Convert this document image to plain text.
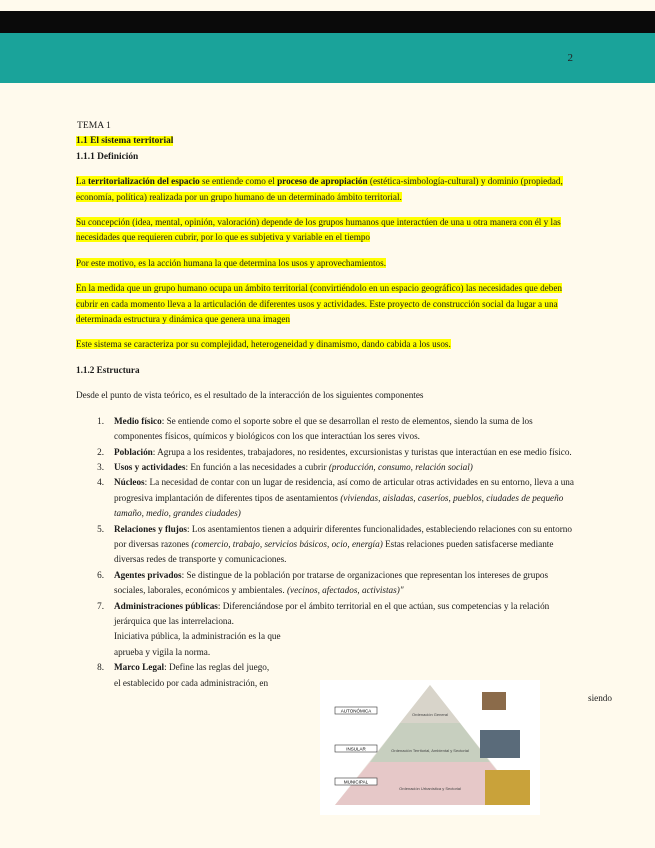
2
TEMA 1
1.1 El sistema territorial
1.1.1 Definición
La territorialización del espacio se entiende como el proceso de apropiación (estética-simbología-cultural) y dominio (propiedad, economía, política) realizada por un grupo humano de un determinado ámbito territorial.
Su concepción (idea, mental, opinión, valoración) depende de los grupos humanos que interactúen de una u otra manera con él y las necesidades que requieren cubrir, por lo que es subjetiva y variable en el tiempo
Por este motivo, es la acción humana la que determina los usos y aprovechamientos.
En la medida que un grupo humano ocupa un ámbito territorial (convirtiéndolo en un espacio geográfico) las necesidades que deben cubrir en cada momento lleva a la articulación de diferentes usos y actividades. Este proyecto de construcción social da lugar a una determinada estructura y dinámica que genera una imagen
Este sistema se caracteriza por su complejidad, heterogeneidad y dinamismo, dando cabida a los usos.
1.1.2 Estructura
Desde el punto de vista teórico, es el resultado de la interacción de los siguientes componentes
1.	Medio físico: Se entiende como el soporte sobre el que se desarrollan el resto de elementos, siendo la suma de los componentes físicos, químicos y biológicos con los que interactúan los seres vivos.
2.	Población: Agrupa a los residentes, trabajadores, no residentes, excursionistas y turistas que interactúan en ese medio físico.
3.	Usos y actividades: En función a las necesidades a cubrir (producción, consumo, relación social)
4.	Núcleos: La necesidad de contar con un lugar de residencia, así como de articular otras actividades en su entorno, lleva a una progresiva implantación de diferentes tipos de asentamientos (viviendas, aisladas, caseríos, pueblos, ciudades de pequeño tamaño, medio, grandes ciudades)
5.	Relaciones y flujos: Los asentamientos tienen a adquirir diferentes funcionalidades, estableciendo relaciones con su entorno por diversas razones (comercio, trabajo, servicios básicos, ocio, energía) Estas relaciones pueden satisfacerse mediante diversas redes de transporte y comunicaciones.
6.	Agentes privados: Se distingue de la población por tratarse de organizaciones que representan los intereses de grupos sociales, laborales, económicos y ambientales. (vecinos, afectados, activistas)"
7.	Administraciones públicas: Diferenciándose por el ámbito territorial en el que actúan, sus competencias y la relación jerárquica que las interrelaciona.
Iniciativa pública, la administración es la que
aprueba y vigila la norma.
8.	Marco Legal: Define las reglas del juego,
el establecido por cada administración, en
siendo
AUTONÓMICA
Ordenación General
INSULAR	Ordenación Territorial, Ambiental y Sectorial
MUNICIPAL
Ordenación Urbanística y Sectorial
